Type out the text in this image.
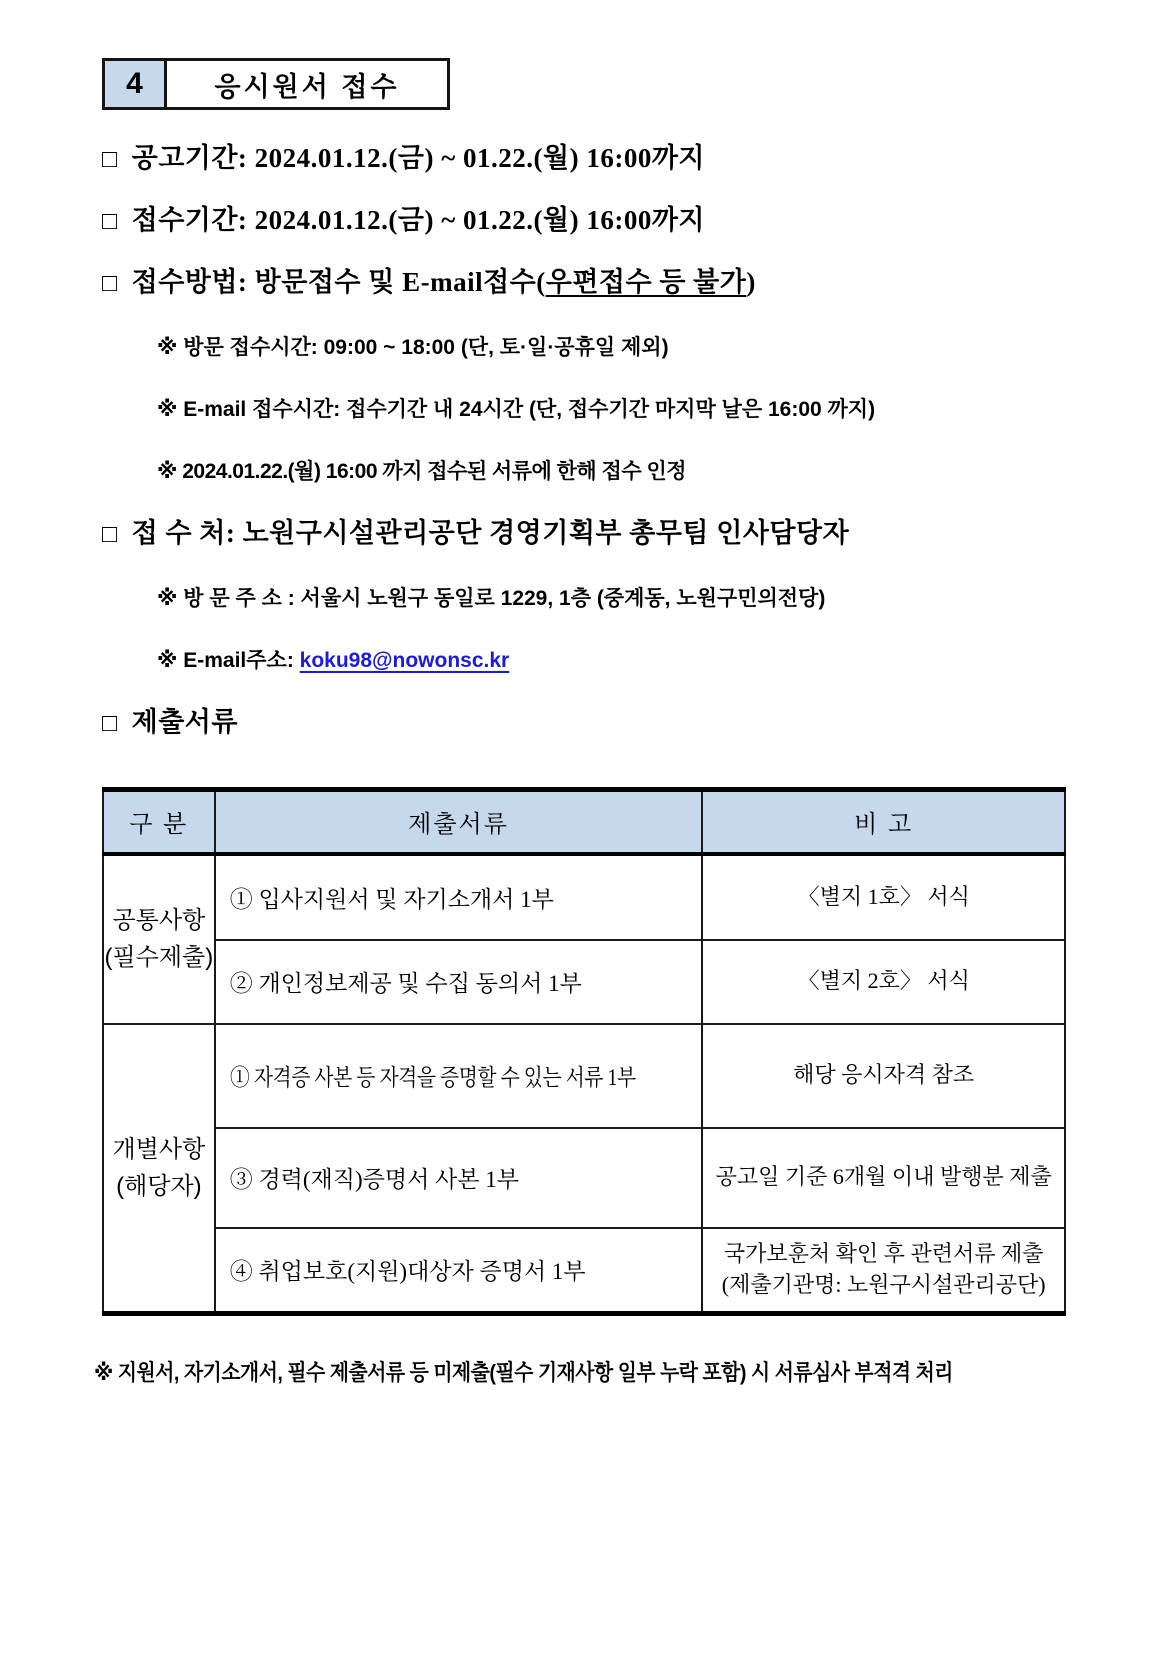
4	응시원서 접수
□ 공고기간: 2024.01.12.(금) ~ 01.22.(월) 16:00까지
□ 접수기간: 2024.01.12.(금) ~ 01.22.(월) 16:00까지
□ 접수방법: 방문접수 및 E-mail접수(우편접수 등 불가)
※ 방문 접수시간: 09:00 ~ 18:00 (단, 토·일·공휴일 제외)
※ E-mail 접수시간: 접수기간 내 24시간 (단, 접수기간 마지막 날은 16:00 까지)
※ 2024.01.22.(월) 16:00 까지 접수된 서류에 한해 접수 인정
□ 접 수 처: 노원구시설관리공단 경영기획부 총무팀 인사담당자
※ 방 문 주 소 : 서울시 노원구 동일로 1229, 1층 (중계동, 노원구민의전당)
※ E-mail주소: koku98@nowonsc.kr
□ 제출서류
구 분	제출서류	비 고

공통사항
(필수제출)	① 입사지원서 및 자기소개서 1부	〈별지 1호〉 서식
	② 개인정보제공 및 수집 동의서 1부	〈별지 2호〉 서식

개별사항
(해당자)	① 자격증 사본 등 자격을 증명할 수 있는 서류 1부	해당 응시자격 참조
	③ 경력(재직)증명서 사본 1부	공고일 기준 6개월 이내 발행분 제출
	④ 취업보호(지원)대상자 증명서 1부	국가보훈처 확인 후 관련서류 제출
(제출기관명: 노원구시설관리공단)
※ 지원서, 자기소개서, 필수 제출서류 등 미제출(필수 기재사항 일부 누락 포함) 시 서류심사 부적격 처리
